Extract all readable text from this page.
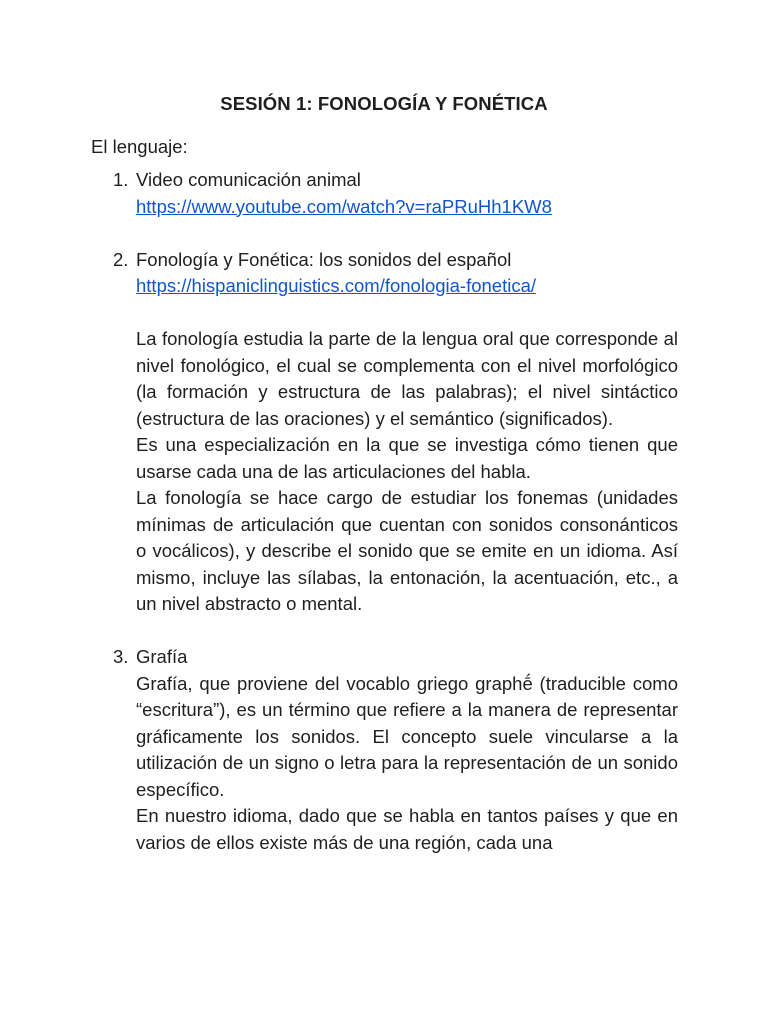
SESIÓN 1: FONOLOGÍA Y FONÉTICA
El lenguaje:
1. Video comunicación animal
https://www.youtube.com/watch?v=raPRuHh1KW8
2. Fonología y Fonética: los sonidos del español
https://hispaniclinguistics.com/fonologia-fonetica/

La fonología estudia la parte de la lengua oral que corresponde al nivel fonológico, el cual se complementa con el nivel morfológico (la formación y estructura de las palabras); el nivel sintáctico (estructura de las oraciones) y el semántico (significados).

Es una especialización en la que se investiga cómo tienen que usarse cada una de las articulaciones del habla.

La fonología se hace cargo de estudiar los fonemas (unidades mínimas de articulación que cuentan con sonidos consonánticos o vocálicos), y describe el sonido que se emite en un idioma. Así mismo, incluye las sílabas, la entonación, la acentuación, etc., a un nivel abstracto o mental.

3. Grafía

Grafía, que proviene del vocablo griego graphḗ (traducible como “escritura”), es un término que refiere a la manera de representar gráficamente los sonidos. El concepto suele vincularse a la utilización de un signo o letra para la representación de un sonido específico.

En nuestro idioma, dado que se habla en tantos países y que en varios de ellos existe más de una región, cada una
